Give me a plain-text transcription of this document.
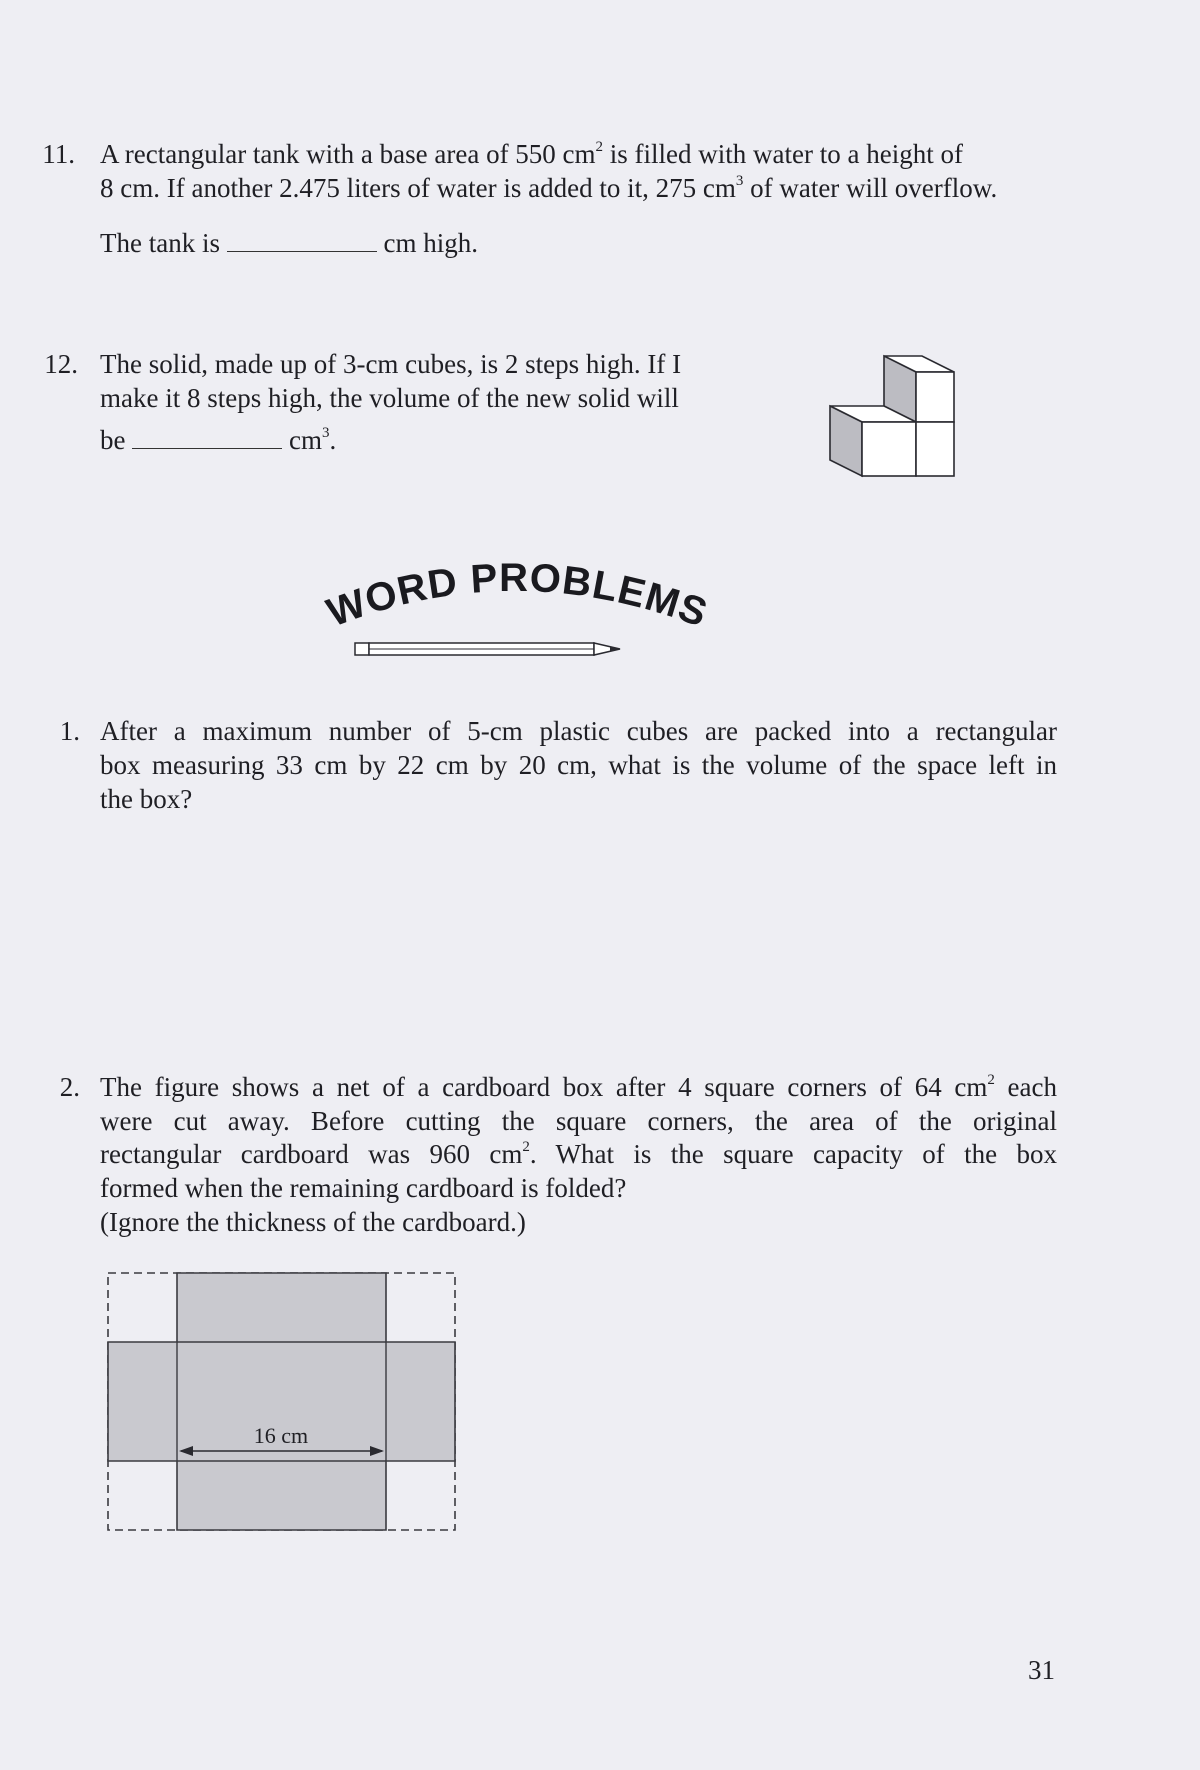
11. A rectangular tank with a base area of 550 $cm^2$ is filled with water to a height of
8 cm. If another 2.475 liters of water is added to it, 275 $cm^3$ of water will overflow.
The tank is	cm high.
12. The solid, made up of 3-cm cubes, is 2 steps high. If I
make it 8 steps high, the volume of the new solid will
be	$cm^3$.
WORD PROBLEMS
1. After a maximum number of 5-cm plastic cubes are packed into a rectangular
box measuring 33 cm by 22 cm by 20 cm, what is the volume of the space left in
the box?
2. The figure shows a net of a cardboard box after 4 square corners of 64 $cm^2$ each
were cut away. Before cutting the square corners, the area of the original
rectangular cardboard was 960 $cm^2$. What is the square capacity of the box
formed when the remaining cardboard is folded?
(Ignore the thickness of the cardboard.)
16 cm
31
